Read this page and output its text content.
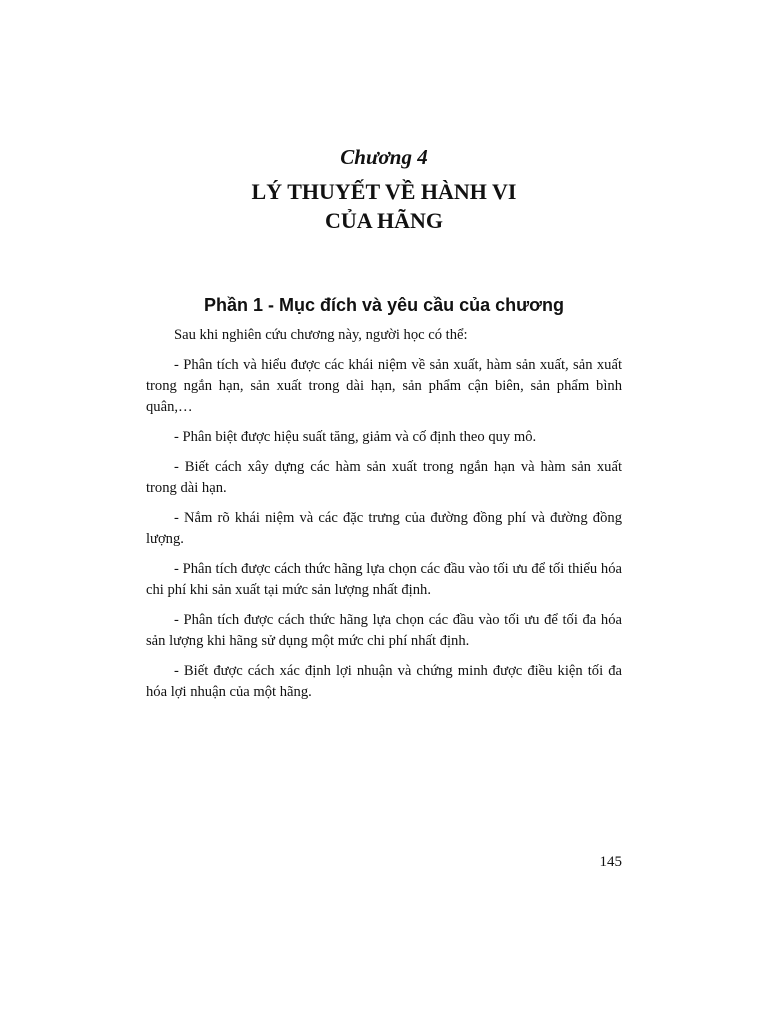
Chương 4
LÝ THUYẾT VỀ HÀNH VI
CỦA HÃNG
Phần 1 - Mục đích và yêu cầu của chương

Sau khi nghiên cứu chương này, người học có thể:

- Phân tích và hiểu được các khái niệm về sản xuất, hàm sản xuất, sản xuất trong ngắn hạn, sản xuất trong dài hạn, sản phẩm cận biên, sản phẩm bình quân,…

- Phân biệt được hiệu suất tăng, giảm và cố định theo quy mô.

- Biết cách xây dựng các hàm sản xuất trong ngắn hạn và hàm sản xuất trong dài hạn.

- Nắm rõ khái niệm và các đặc trưng của đường đồng phí và đường đồng lượng.

- Phân tích được cách thức hãng lựa chọn các đầu vào tối ưu để tối thiểu hóa chi phí khi sản xuất tại mức sản lượng nhất định.

- Phân tích được cách thức hãng lựa chọn các đầu vào tối ưu để tối đa hóa sản lượng khi hãng sử dụng một mức chi phí nhất định.

- Biết được cách xác định lợi nhuận và chứng minh được điều kiện tối đa hóa lợi nhuận của một hãng.

145
